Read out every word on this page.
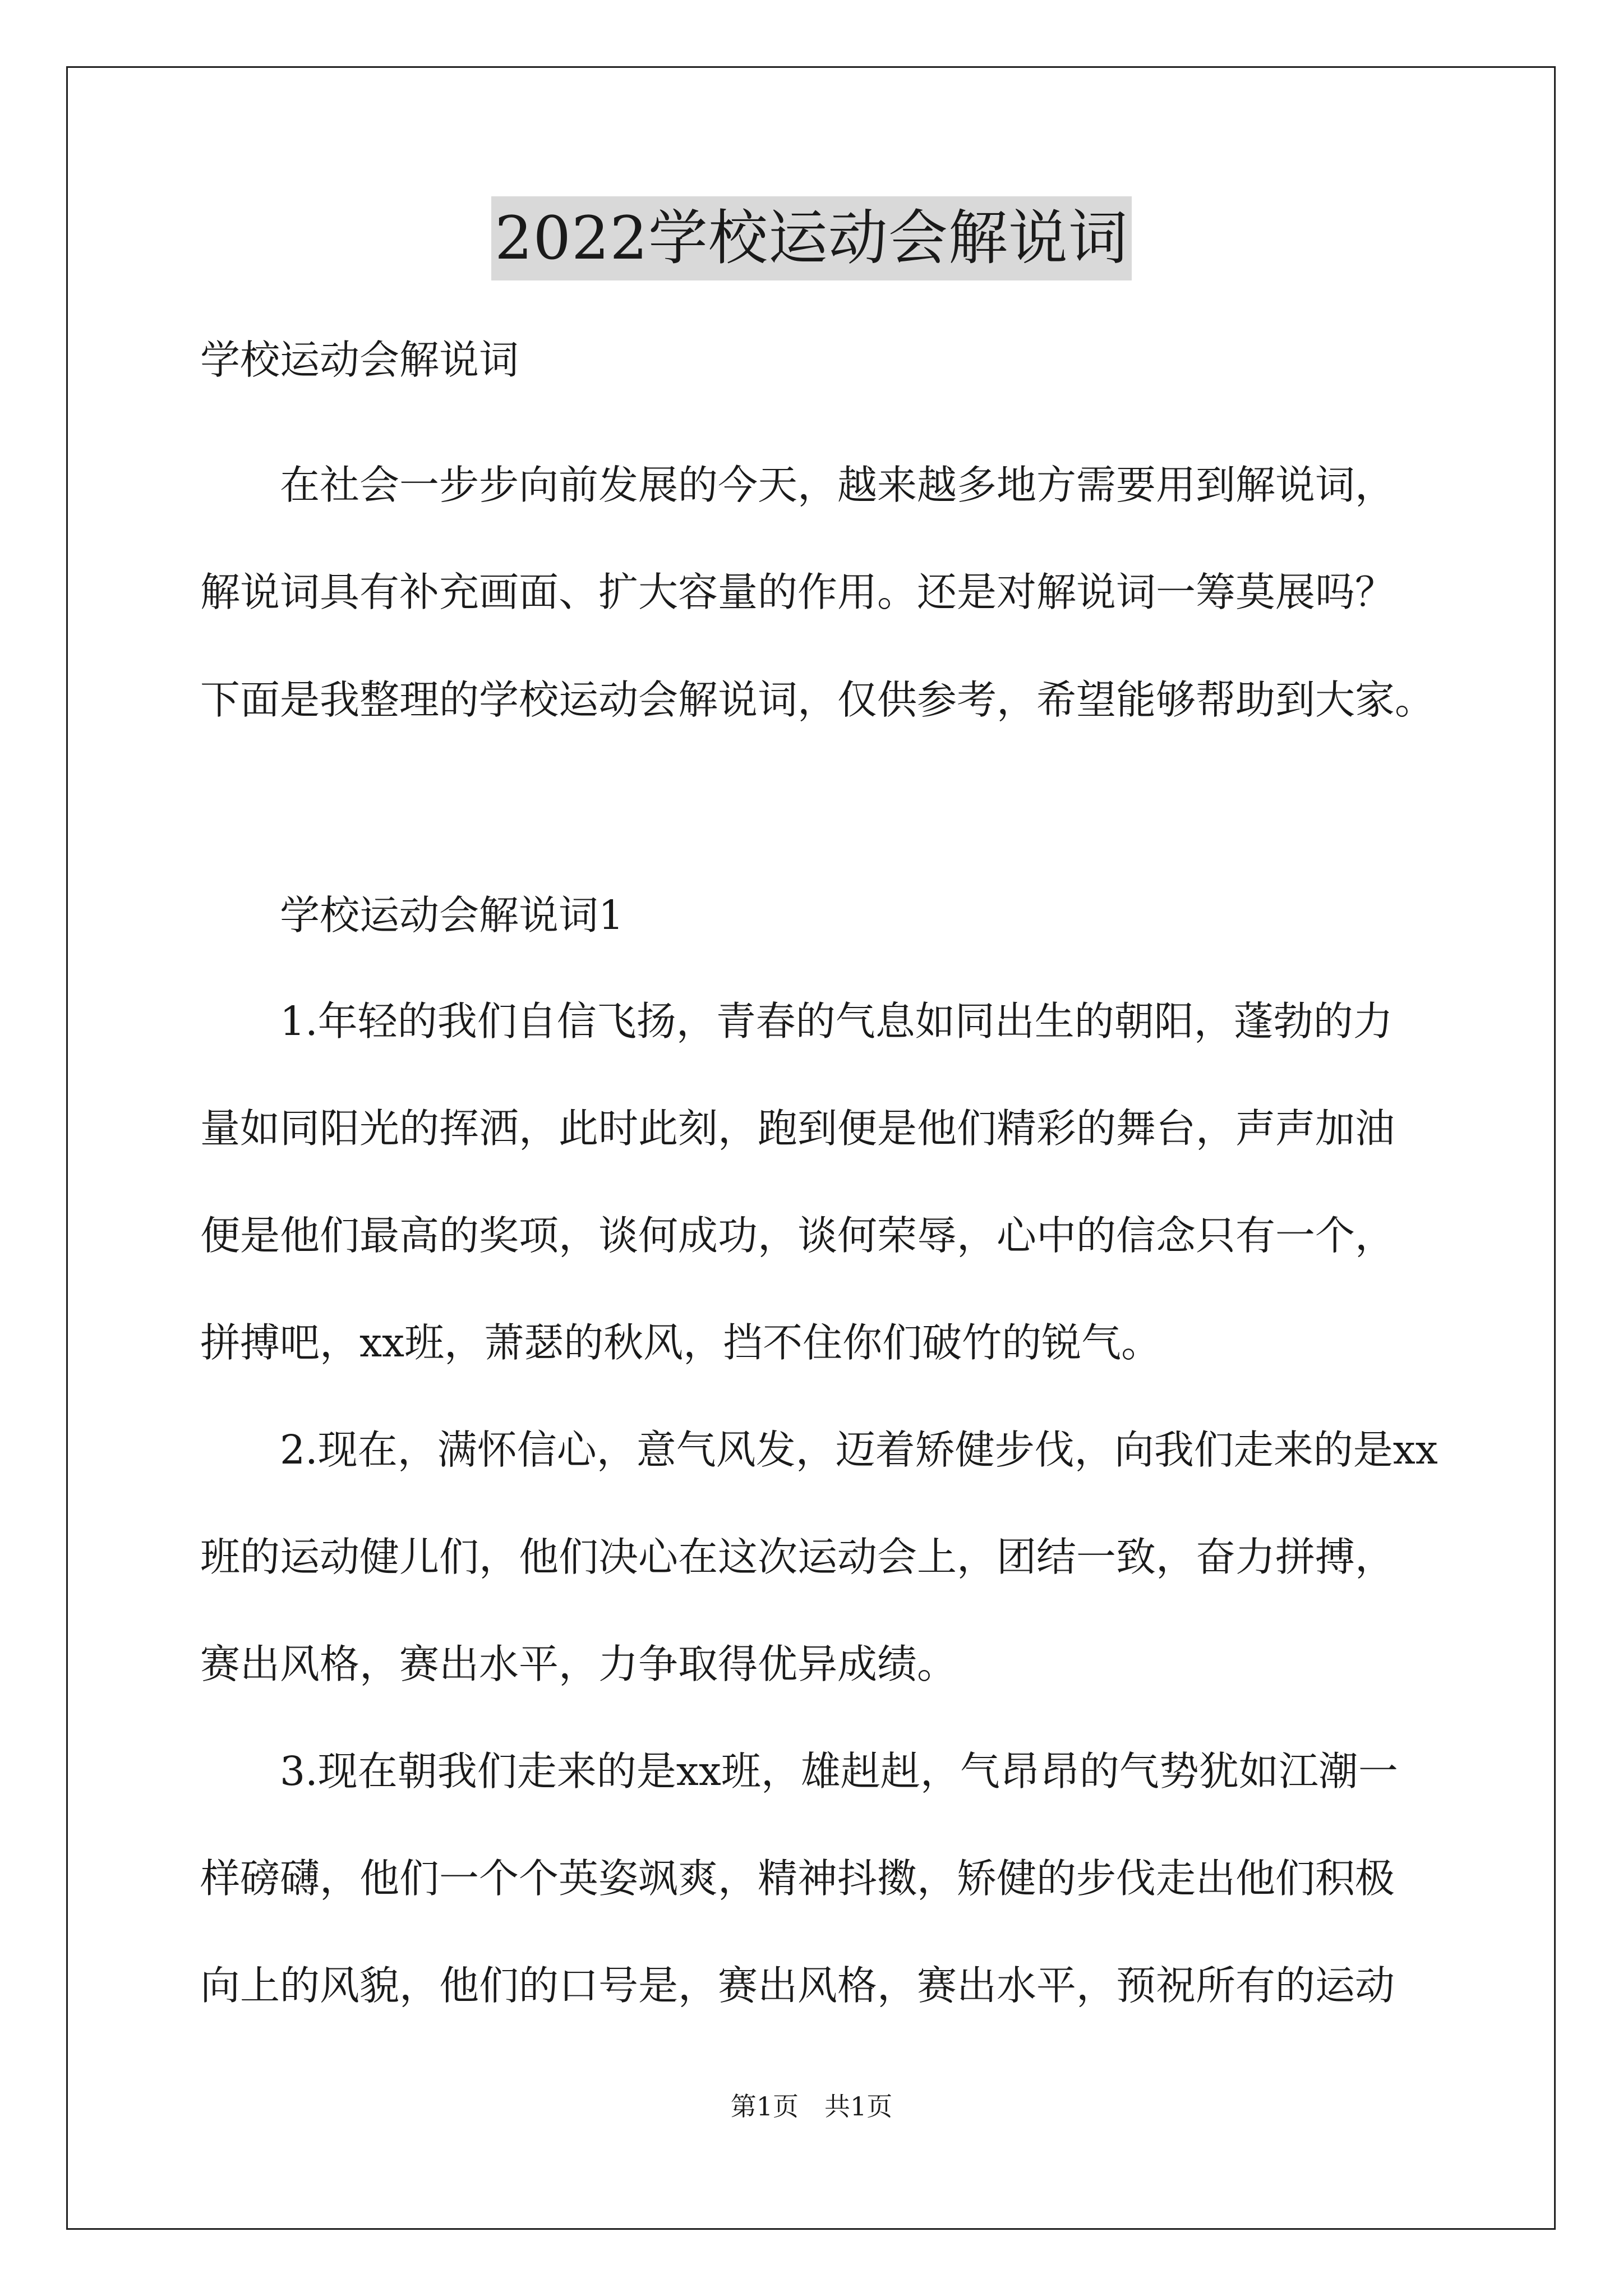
2022学校运动会解说词

学校运动会解说词

　　在社会一步步向前发展的今天，越来越多地方需要用到解说词，

解说词具有补充画面、扩大容量的作用。还是对解说词一筹莫展吗？

下面是我整理的学校运动会解说词，仅供参考，希望能够帮助到大家。

　　学校运动会解说词1

　　1.年轻的我们自信飞扬，青春的气息如同出生的朝阳，蓬勃的力

量如同阳光的挥洒，此时此刻，跑到便是他们精彩的舞台，声声加油

便是他们最高的奖项，谈何成功，谈何荣辱，心中的信念只有一个，

拼搏吧，xx班，萧瑟的秋风，挡不住你们破竹的锐气。

　　2.现在，满怀信心，意气风发，迈着矫健步伐，向我们走来的是xx

班的运动健儿们，他们决心在这次运动会上，团结一致，奋力拼搏，

赛出风格，赛出水平，力争取得优异成绩。

　　3.现在朝我们走来的是xx班，雄赳赳，气昂昂的气势犹如江潮一

样磅礴，他们一个个英姿飒爽，精神抖擞，矫健的步伐走出他们积极

向上的风貌，他们的口号是，赛出风格，赛出水平，预祝所有的运动

第1页　共1页
